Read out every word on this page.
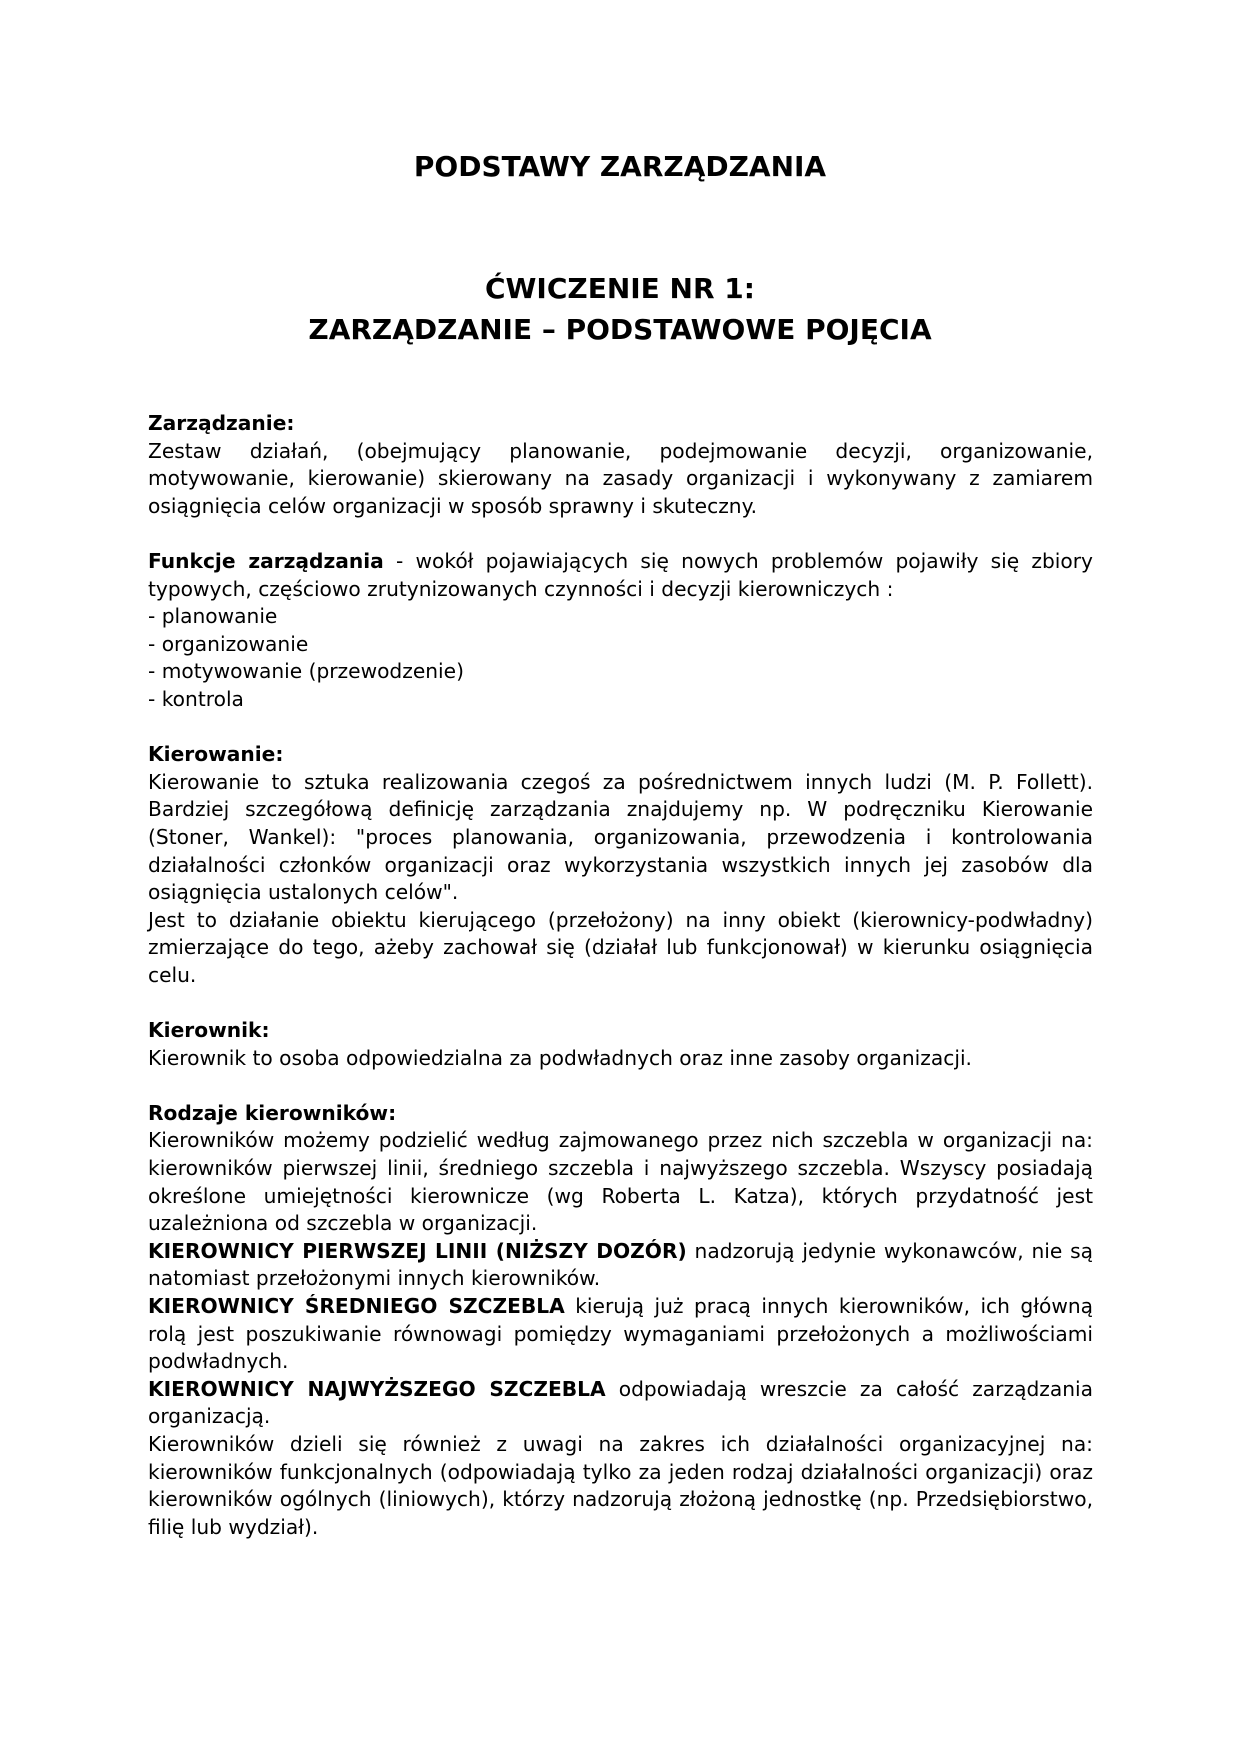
PODSTAWY ZARZĄDZANIA
ĆWICZENIE NR 1:
ZARZĄDZANIE – PODSTAWOWE POJĘCIA
Zarządzanie:

Zestaw działań, (obejmujący planowanie, podejmowanie decyzji, organizowanie, motywowanie, kierowanie) skierowany na zasady organizacji i wykonywany z zamiarem osiągnięcia celów organizacji w sposób sprawny i skuteczny.

Funkcje zarządzania - wokół pojawiających się nowych problemów pojawiły się zbiory typowych, częściowo zrutynizowanych czynności i decyzji kierowniczych :

- planowanie
- organizowanie
- motywowanie (przewodzenie)
- kontrola
Kierowanie:

Kierowanie to sztuka realizowania czegoś za pośrednictwem innych ludzi (M. P. Follett). Bardziej szczegółową definicję zarządzania znajdujemy np. W podręczniku Kierowanie (Stoner, Wankel): "proces planowania, organizowania, przewodzenia i kontrolowania działalności członków organizacji oraz wykorzystania wszystkich innych jej zasobów dla osiągnięcia ustalonych celów".

Jest to działanie obiektu kierującego (przełożony) na inny obiekt (kierownicy-podwładny) zmierzające do tego, ażeby zachował się (działał lub funkcjonował) w kierunku osiągnięcia celu.

Kierownik:

Kierownik to osoba odpowiedzialna za podwładnych oraz inne zasoby organizacji.

Rodzaje kierowników:

Kierowników możemy podzielić według zajmowanego przez nich szczebla w organizacji na: kierowników pierwszej linii, średniego szczebla i najwyższego szczebla. Wszyscy posiadają określone umiejętności kierownicze (wg Roberta L. Katza), których przydatność jest uzależniona od szczebla w organizacji.

KIEROWNICY PIERWSZEJ LINII (NIŻSZY DOZÓR) nadzorują jedynie wykonawców, nie są natomiast przełożonymi innych kierowników.

KIEROWNICY ŚREDNIEGO SZCZEBLA kierują już pracą innych kierowników, ich główną rolą jest poszukiwanie równowagi pomiędzy wymaganiami przełożonych a możliwościami podwładnych.

KIEROWNICY NAJWYŻSZEGO SZCZEBLA odpowiadają wreszcie za całość zarządzania organizacją.

Kierowników dzieli się również z uwagi na zakres ich działalności organizacyjnej na: kierowników funkcjonalnych (odpowiadają tylko za jeden rodzaj działalności organizacji) oraz kierowników ogólnych (liniowych), którzy nadzorują złożoną jednostkę (np. Przedsiębiorstwo, filię lub wydział).
